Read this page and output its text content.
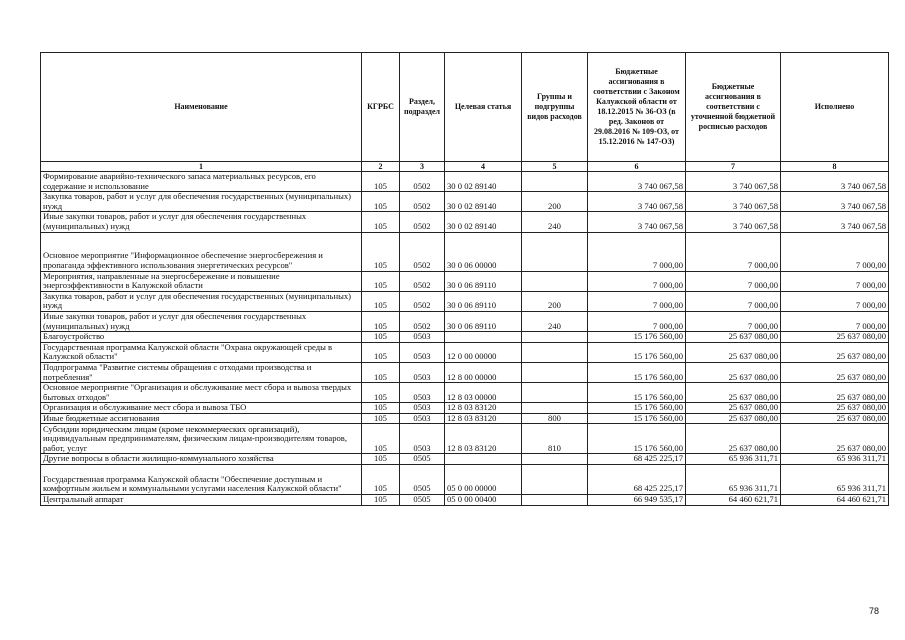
Наименование	КГРБС	Раздел, подраздел	Целевая статья	Группы и подгруппы видов расходов	Бюджетные ассигнования в соответствии с Законом Калужской области от 18.12.2015 № 36-ОЗ (в ред. Законов от 29.08.2016 № 109-ОЗ, от 15.12.2016 № 147-ОЗ)	Бюджетные ассигнования в соответствии с уточненной бюджетной росписью расходов	Исполнено
1	2	3	4	5	6	7	8
Формирование аварийно-технического запаса материальных ресурсов, его содержание и использование	105	0502	30 0 02 89140		3 740 067,58	3 740 067,58	3 740 067,58
Закупка товаров, работ и услуг для обеспечения государственных (муниципальных) нужд	105	0502	30 0 02 89140	200	3 740 067,58	3 740 067,58	3 740 067,58
Иные закупки товаров, работ и услуг для обеспечения государственных (муниципальных) нужд	105	0502	30 0 02 89140	240	3 740 067,58	3 740 067,58	3 740 067,58
Основное мероприятие "Информационное обеспечение энергосбережения и пропаганда эффективного использования энергетических ресурсов"	105	0502	30 0 06 00000		7 000,00	7 000,00	7 000,00
Мероприятия, направленные на энергосбережение и повышение энергоэффективности в Калужской области	105	0502	30 0 06 89110		7 000,00	7 000,00	7 000,00
Закупка товаров, работ и услуг для обеспечения государственных (муниципальных) нужд	105	0502	30 0 06 89110	200	7 000,00	7 000,00	7 000,00
Иные закупки товаров, работ и услуг для обеспечения государственных (муниципальных) нужд	105	0502	30 0 06 89110	240	7 000,00	7 000,00	7 000,00
Благоустройство	105	0503			15 176 560,00	25 637 080,00	25 637 080,00
Государственная программа Калужской области "Охрана окружающей среды в Калужской области"	105	0503	12 0 00 00000		15 176 560,00	25 637 080,00	25 637 080,00
Подпрограмма "Развитие системы обращения с отходами производства и потребления"	105	0503	12 8 00 00000		15 176 560,00	25 637 080,00	25 637 080,00
Основное мероприятие "Организация и обслуживание мест сбора и вывоза твердых бытовых отходов"	105	0503	12 8 03 00000		15 176 560,00	25 637 080,00	25 637 080,00
Организация и обслуживание мест сбора и вывоза ТБО	105	0503	12 8 03 83120		15 176 560,00	25 637 080,00	25 637 080,00
Иные бюджетные ассигнования	105	0503	12 8 03 83120	800	15 176 560,00	25 637 080,00	25 637 080,00
Субсидии юридическим лицам (кроме некоммерческих организаций), индивидуальным предпринимателям, физическим лицам-производителям товаров, работ, услуг	105	0503	12 8 03 83120	810	15 176 560,00	25 637 080,00	25 637 080,00
Другие вопросы в области жилищно-коммунального хозяйства	105	0505			68 425 225,17	65 936 311,71	65 936 311,71
Государственная программа Калужской области "Обеспечение доступным и комфортным жильем и коммунальными услугами населения Калужской области"	105	0505	05 0 00 00000		68 425 225,17	65 936 311,71	65 936 311,71
Центральный аппарат	105	0505	05 0 00 00400		66 949 535,17	64 460 621,71	64 460 621,71
78
